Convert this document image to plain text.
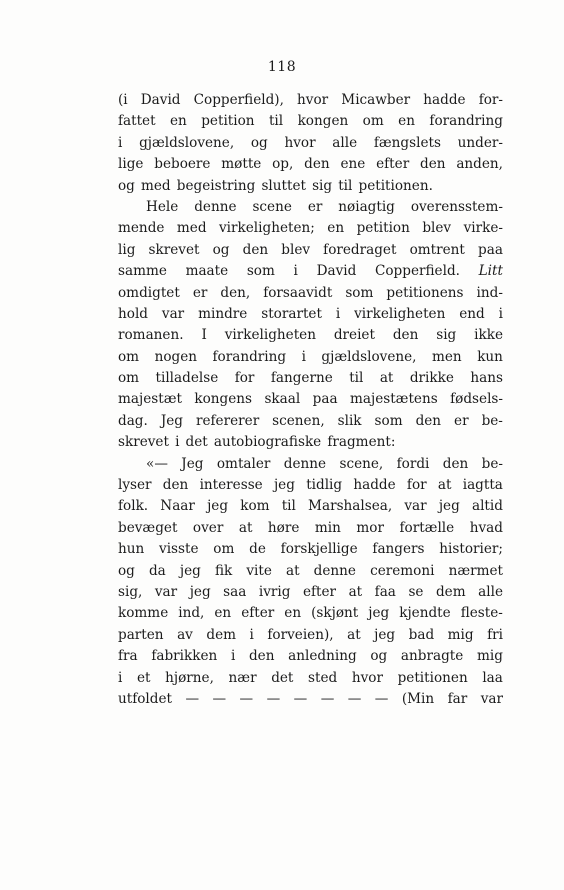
118
(i David Copperfield), hvor Micawber hadde for-
fattet en petition til kongen om en forandring
i gjældslovene, og hvor alle fængslets under-
lige beboere møtte op, den ene efter den anden,
og med begeistring sluttet sig til petitionen.
Hele denne scene er nøiagtig overensstem-
mende med virkeligheten; en petition blev virke-
lig skrevet og den blev foredraget omtrent paa
samme maate som i David Copperfield. Litt
omdigtet er den, forsaavidt som petitionens ind-
hold var mindre storartet i virkeligheten end i
romanen. I virkeligheten dreiet den sig ikke
om nogen forandring i gjældslovene, men kun
om tilladelse for fangerne til at drikke hans
majestæt kongens skaal paa majestætens fødsels-
dag. Jeg refererer scenen, slik som den er be-
skrevet i det autobiografiske fragment:
«— Jeg omtaler denne scene, fordi den be-
lyser den interesse jeg tidlig hadde for at iagtta
folk. Naar jeg kom til Marshalsea, var jeg altid
bevæget over at høre min mor fortælle hvad
hun visste om de forskjellige fangers historier;
og da jeg fik vite at denne ceremoni nærmet
sig, var jeg saa ivrig efter at faa se dem alle
komme ind, en efter en (skjønt jeg kjendte fleste-
parten av dem i forveien), at jeg bad mig fri
fra fabrikken i den anledning og anbragte mig
i et hjørne, nær det sted hvor petitionen laa
utfoldet — — — — — — — — (Min far var
